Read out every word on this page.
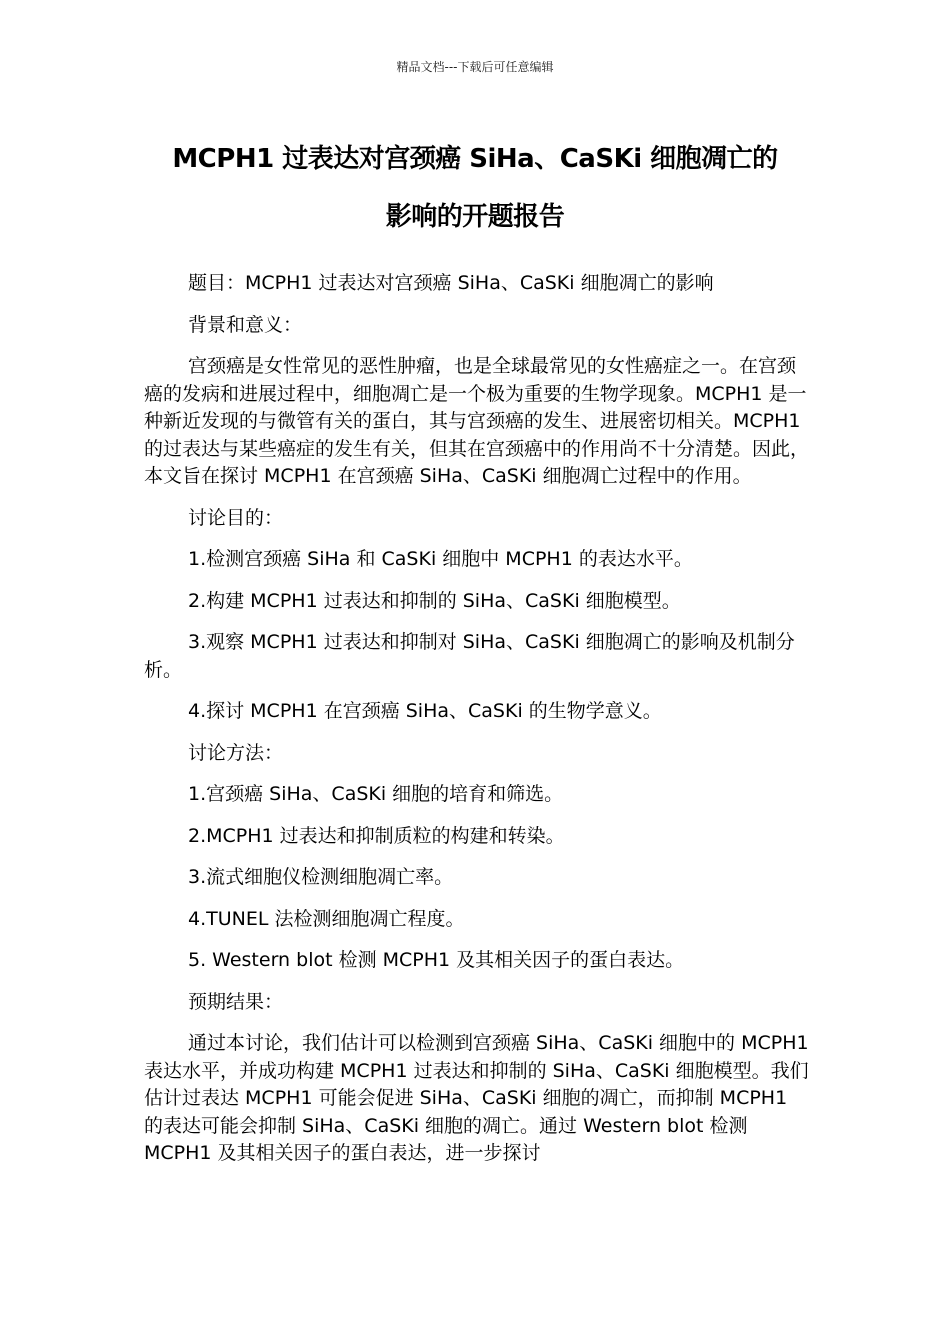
精品文档---下载后可任意编辑
MCPH1 过表达对宫颈癌 SiHa、CaSKi 细胞凋亡的
影响的开题报告

题目：MCPH1 过表达对宫颈癌 SiHa、CaSKi 细胞凋亡的影响

背景和意义：

宫颈癌是女性常见的恶性肿瘤，也是全球最常见的女性癌症之一。在宫颈癌的发病和进展过程中，细胞凋亡是一个极为重要的生物学现象。MCPH1 是一种新近发现的与微管有关的蛋白，其与宫颈癌的发生、进展密切相关。MCPH1 的过表达与某些癌症的发生有关，但其在宫颈癌中的作用尚不十分清楚。因此，本文旨在探讨 MCPH1 在宫颈癌 SiHa、CaSKi 细胞凋亡过程中的作用。

讨论目的：

1.检测宫颈癌 SiHa 和 CaSKi 细胞中 MCPH1 的表达水平。

2.构建 MCPH1 过表达和抑制的 SiHa、CaSKi 细胞模型。

3.观察 MCPH1 过表达和抑制对 SiHa、CaSKi 细胞凋亡的影响及机制分析。

4.探讨 MCPH1 在宫颈癌 SiHa、CaSKi 的生物学意义。

讨论方法：

1.宫颈癌 SiHa、CaSKi 细胞的培育和筛选。

2.MCPH1 过表达和抑制质粒的构建和转染。

3.流式细胞仪检测细胞凋亡率。

4.TUNEL 法检测细胞凋亡程度。

5. Western blot 检测 MCPH1 及其相关因子的蛋白表达。

预期结果：

通过本讨论，我们估计可以检测到宫颈癌 SiHa、CaSKi 细胞中的 MCPH1 表达水平，并成功构建 MCPH1 过表达和抑制的 SiHa、CaSKi 细胞模型。我们估计过表达 MCPH1 可能会促进 SiHa、CaSKi 细胞的凋亡，而抑制 MCPH1 的表达可能会抑制 SiHa、CaSKi 细胞的凋亡。通过 Western blot 检测 MCPH1 及其相关因子的蛋白表达，进一步探讨
